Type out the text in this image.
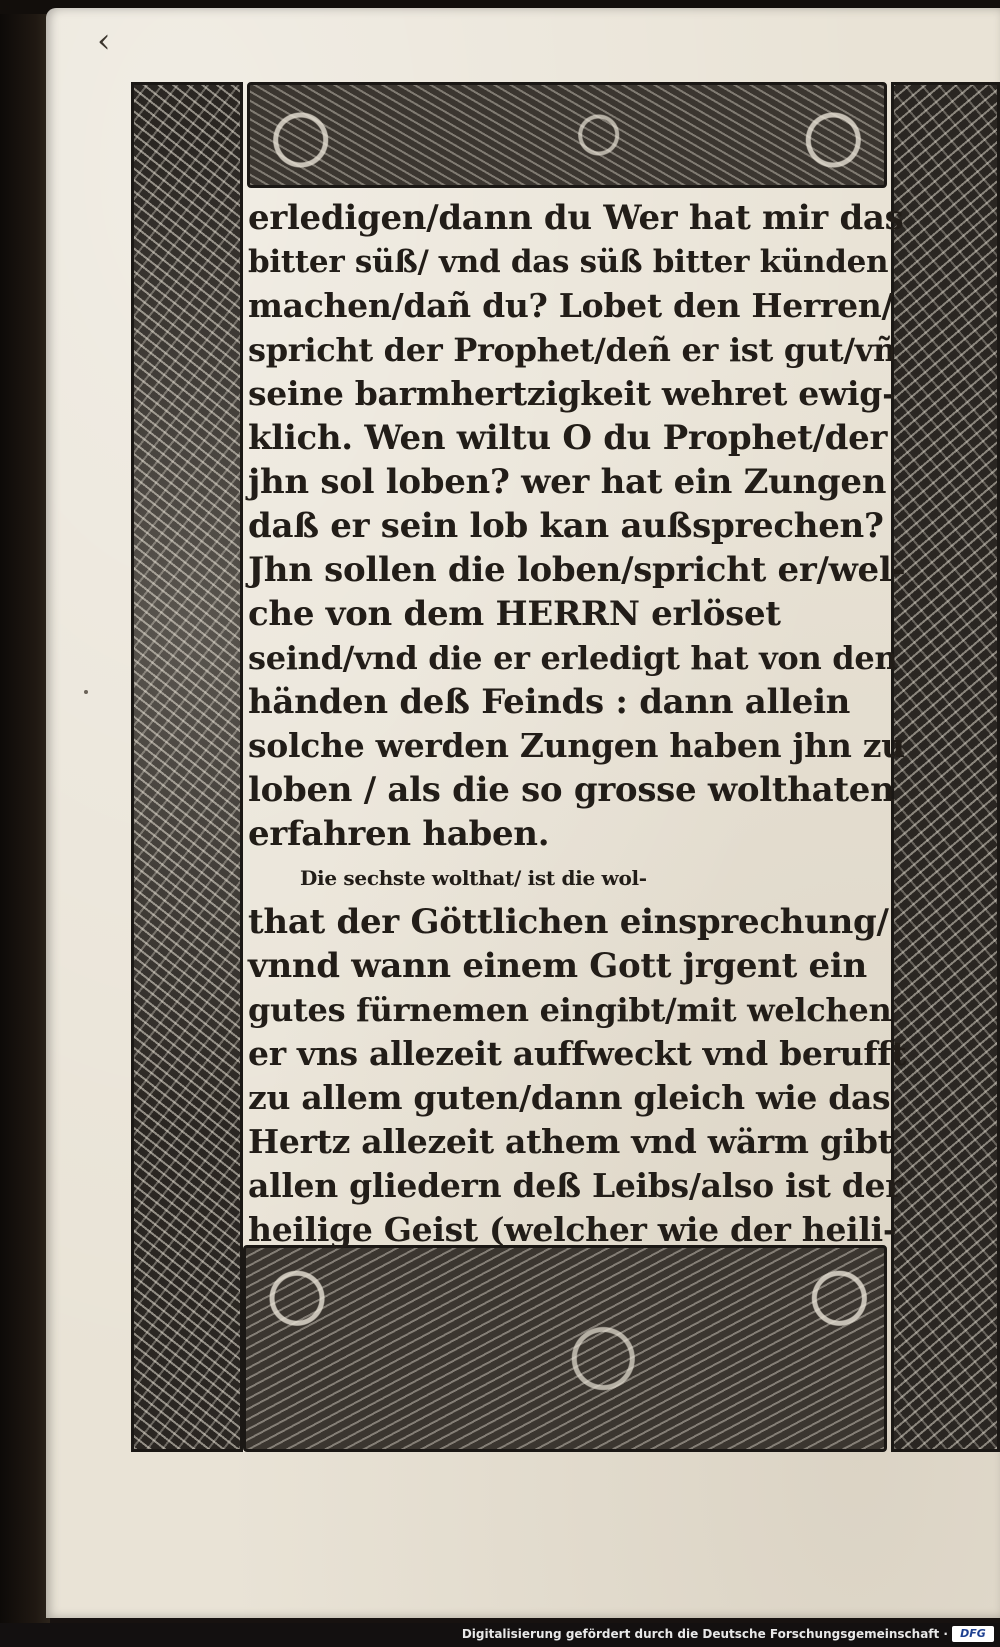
‹
erledigen/dann du Wer hat mir das
bitter süß/ vnd das süß bitter künden
machen/dañ du? Lobet den Herren/
spricht der Prophet/deñ er ist gut/vñ
seine barmhertzigkeit wehret ewig-
klich. Wen wiltu O du Prophet/der
jhn sol loben? wer hat ein Zungen
daß er sein lob kan außsprechen?
Jhn sollen die loben/spricht er/wel-
che von dem HERRN erlöset
seind/vnd die er erledigt hat von den
händen deß Feinds : dann allein
solche werden Zungen haben jhn zu
loben / als die so grosse wolthaten
erfahren haben.
Die sechste wolthat/ ist die wol-
that der Göttlichen einsprechung/
vnnd wann einem Gott jrgent ein
gutes fürnemen eingibt/mit welchen
er vns allezeit auffweckt vnd berufft
zu allem guten/dann gleich wie das
Hertz allezeit athem vnd wärm gibt
allen gliedern deß Leibs/also ist der
heilige Geist (welcher wie der heili-
Digitalisierung gefördert durch die Deutsche Forschungsgemeinschaft ·	DFG
